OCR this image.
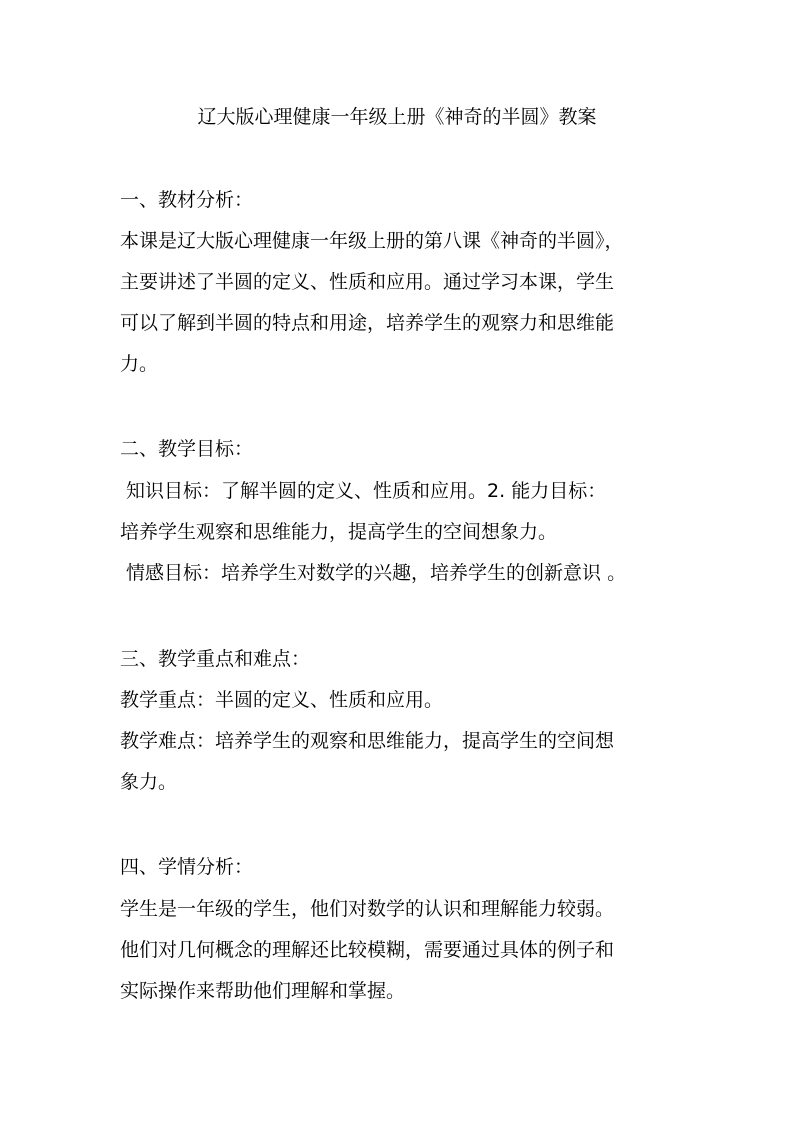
辽大版心理健康一年级上册《神奇的半圆》教案
一、教材分析：
本课是辽大版心理健康一年级上册的第八课《神奇的半圆》，
主要讲述了半圆的定义、性质和应用。通过学习本课，学生
可以了解到半圆的特点和用途，培养学生的观察力和思维能
力。
二、教学目标：
知识目标：了解半圆的定义、性质和应用。2. 能力目标：
培养学生观察和思维能力，提高学生的空间想象力。
情感目标：培养学生对数学的兴趣，培养学生的创新意识 。
三、教学重点和难点：
教学重点：半圆的定义、性质和应用。
教学难点：培养学生的观察和思维能力，提高学生的空间想
象力。
四、学情分析：
学生是一年级的学生，他们对数学的认识和理解能力较弱。
他们对几何概念的理解还比较模糊，需要通过具体的例子和
实际操作来帮助他们理解和掌握。
